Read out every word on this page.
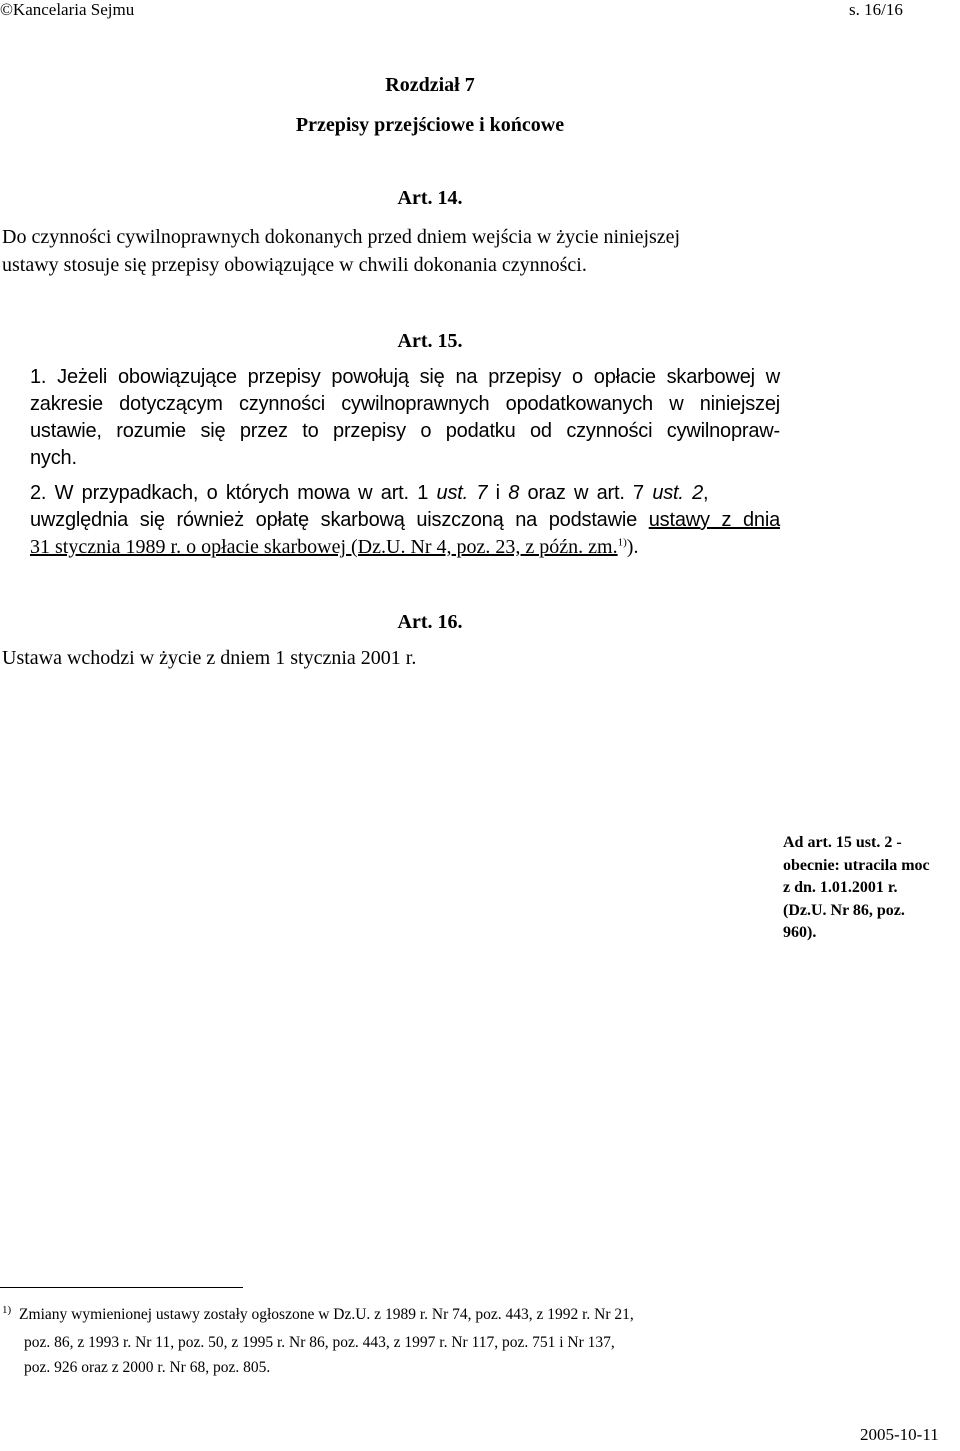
©Kancelaria Sejmu	s. 16/16
Rozdział 7
Przepisy przejściowe i końcowe
Art. 14.
Do czynności cywilnoprawnych dokonanych przed dniem wejścia w życie niniejszej
ustawy stosuje się przepisy obowiązujące w chwili dokonania czynności.
Art. 15.
1. Jeżeli obowiązujące przepisy powołują się na przepisy o opłacie skarbowej w
zakresie dotyczącym czynności cywilnoprawnych opodatkowanych w niniejszej
ustawie, rozumie się przez to przepisy o podatku od czynności cywilnopraw-
nych.
2. W przypadkach, o których mowa w art. 1 ust. 7 i 8 oraz w art. 7 ust. 2,
uwzględnia się również opłatę skarbową uiszczoną na podstawie ustawy z dnia
31 stycznia 1989 r. o opłacie skarbowej (Dz.U. Nr 4, poz. 23, z późn. zm.$^{1)}$).
Art. 16.
Ustawa wchodzi w życie z dniem 1 stycznia 2001 r.
Ad art. 15 ust. 2 -
obecnie: utracila moc
z dn. 1.01.2001 r.
(Dz.U. Nr 86, poz.
960).
$^{1)}$ Zmiany wymienionej ustawy zostały ogłoszone w Dz.U. z 1989 r. Nr 74, poz. 443, z 1992 r. Nr 21,
poz. 86, z 1993 r. Nr 11, poz. 50, z 1995 r. Nr 86, poz. 443, z 1997 r. Nr 117, poz. 751 i Nr 137,
poz. 926 oraz z 2000 r. Nr 68, poz. 805.
2005-10-11
